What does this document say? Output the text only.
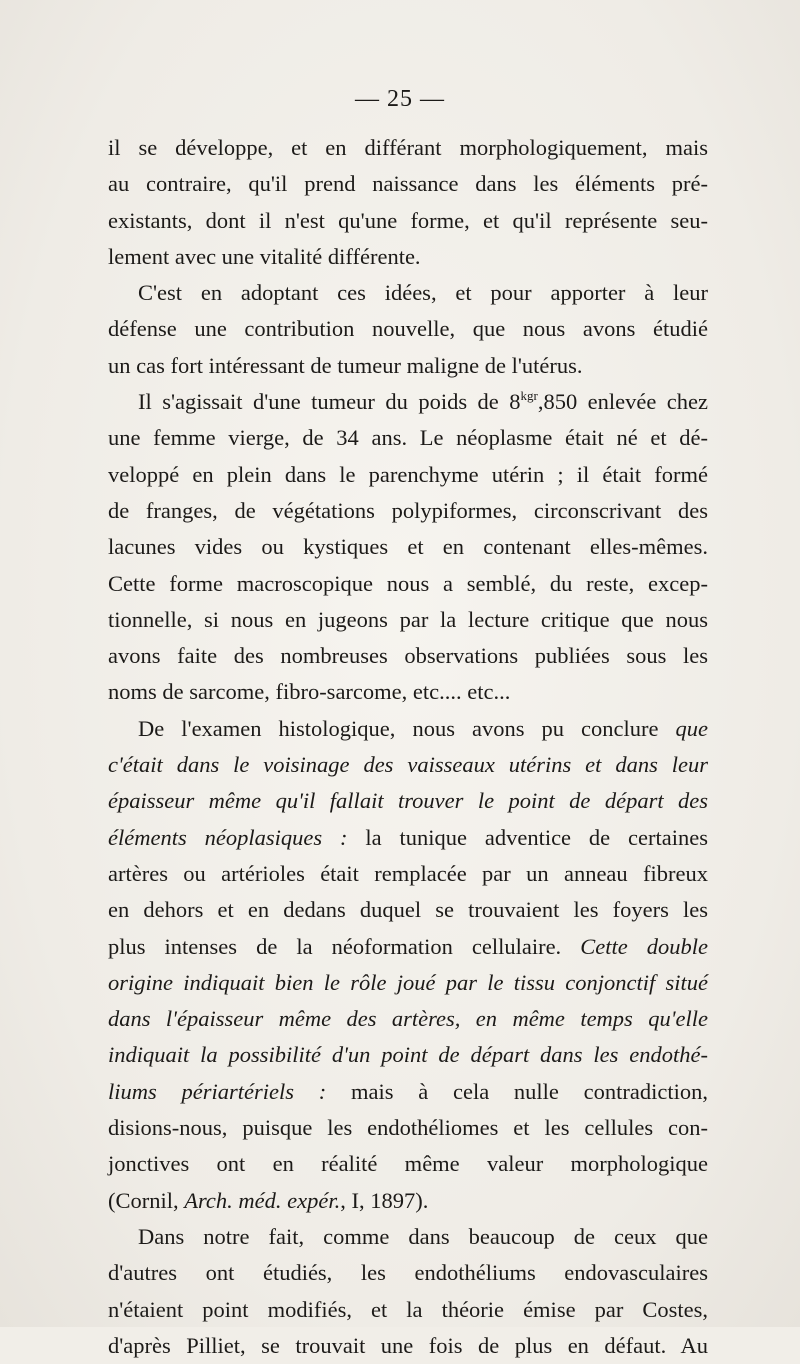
— 25 —
il se développe, et en différant morphologiquement, mais
au contraire, qu'il prend naissance dans les éléments pré-
existants, dont il n'est qu'une forme, et qu'il représente seu-
lement avec une vitalité différente.
C'est en adoptant ces idées, et pour apporter à leur
défense une contribution nouvelle, que nous avons étudié
un cas fort intéressant de tumeur maligne de l'utérus.
Il s'agissait d'une tumeur du poids de $8^{kgr},850$ enlevée chez
une femme vierge, de 34 ans. Le néoplasme était né et dé-
veloppé en plein dans le parenchyme utérin ; il était formé
de franges, de végétations polypiformes, circonscrivant des
lacunes vides ou kystiques et en contenant elles-mêmes.
Cette forme macroscopique nous a semblé, du reste, excep-
tionnelle, si nous en jugeons par la lecture critique que nous
avons faite des nombreuses observations publiées sous les
noms de sarcome, fibro-sarcome, etc.... etc...
De l'examen histologique, nous avons pu conclure que
c'était dans le voisinage des vaisseaux utérins et dans leur
épaisseur même qu'il fallait trouver le point de départ des
éléments néoplasiques : la tunique adventice de certaines
artères ou artérioles était remplacée par un anneau fibreux
en dehors et en dedans duquel se trouvaient les foyers les
plus intenses de la néoformation cellulaire. Cette double
origine indiquait bien le rôle joué par le tissu conjonctif situé
dans l'épaisseur même des artères, en même temps qu'elle
indiquait la possibilité d'un point de départ dans les endothé-
liums périartériels : mais à cela nulle contradiction,
disions-nous, puisque les endothéliomes et les cellules con-
jonctives ont en réalité même valeur morphologique
(Cornil, Arch. méd. expér., I, 1897).
Dans notre fait, comme dans beaucoup de ceux que
d'autres ont étudiés, les endothéliums endovasculaires
n'étaient point modifiés, et la théorie émise par Costes,
d'après Pilliet, se trouvait une fois de plus en défaut. Au
